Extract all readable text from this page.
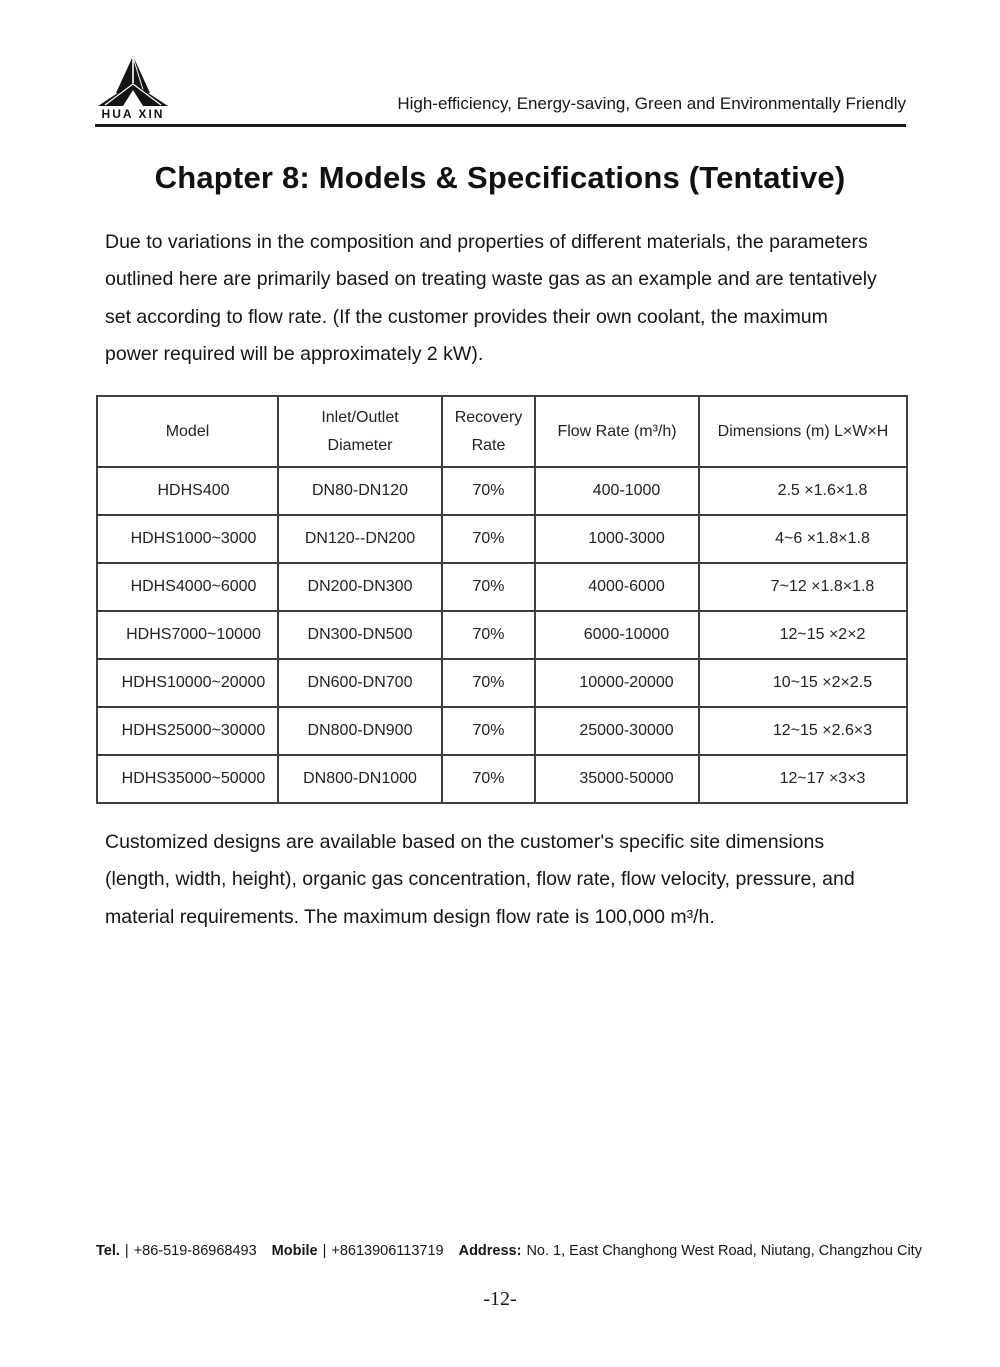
HUA XIN
High-efficiency, Energy-saving, Green and Environmentally Friendly
Chapter 8: Models & Specifications (Tentative)
Due to variations in the composition and properties of different materials, the parameters
outlined here are primarily based on treating waste gas as an example and are tentatively
set according to flow rate. (If the customer provides their own coolant, the maximum
power required will be approximately 2 kW).
Model	Inlet/Outlet Diameter	Recovery Rate	Flow Rate (m³/h)	Dimensions (m) L×W×H
HDHS400	DN80-DN120	70%	400-1000	2.5 ×1.6×1.8
HDHS1000~3000	DN120--DN200	70%	1000-3000	4~6 ×1.8×1.8
HDHS4000~6000	DN200-DN300	70%	4000-6000	7~12 ×1.8×1.8
HDHS7000~10000	DN300-DN500	70%	6000-10000	12~15 ×2×2
HDHS10000~20000	DN600-DN700	70%	10000-20000	10~15 ×2×2.5
HDHS25000~30000	DN800-DN900	70%	25000-30000	12~15 ×2.6×3
HDHS35000~50000	DN800-DN1000	70%	35000-50000	12~17 ×3×3
Customized designs are available based on the customer's specific site dimensions
(length, width, height), organic gas concentration, flow rate, flow velocity, pressure, and
material requirements. The maximum design flow rate is 100,000 m³/h.
Tel. | +86-519-86968493 Mobile | +8613906113719 Address: No. 1, East Changhong West Road, Niutang, Changzhou City
-12-
